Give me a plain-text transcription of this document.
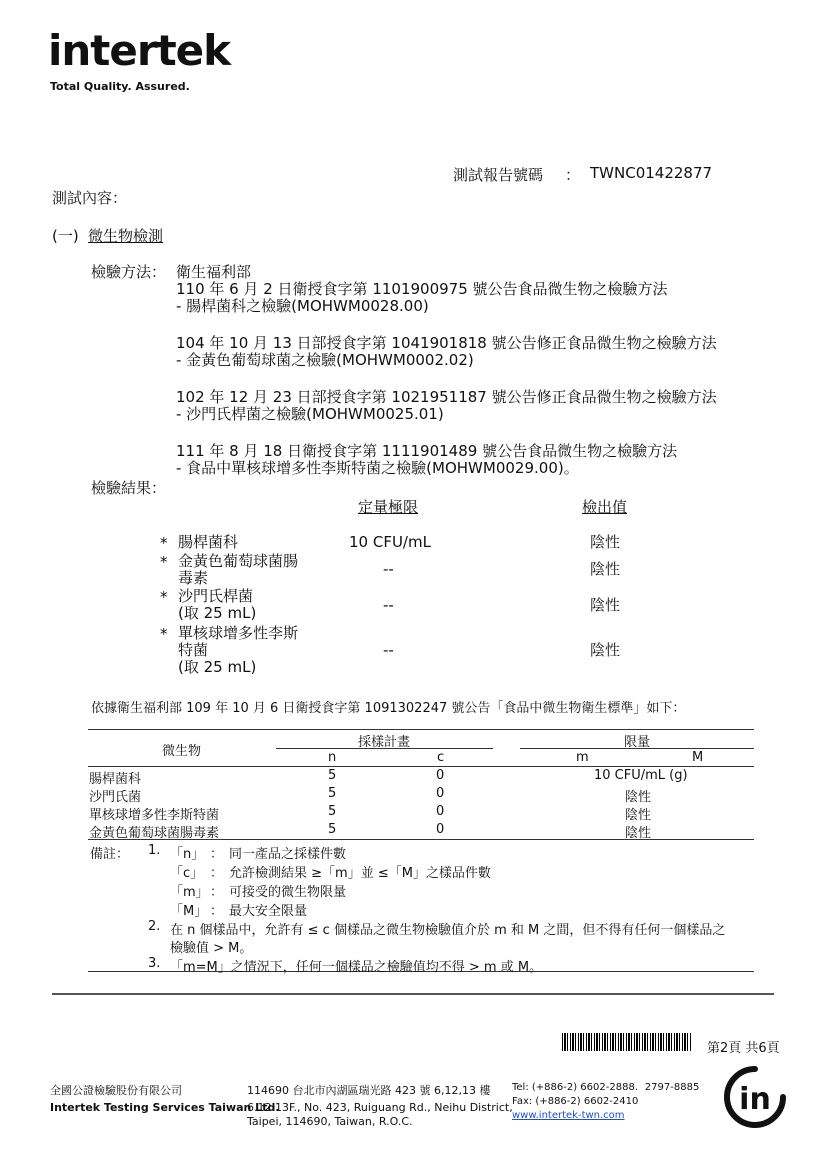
intertek
Total Quality. Assured.
測試報告號碼 ： TWNC01422877
測試內容：
(一) 微生物檢測
檢驗方法： 衛生福利部
110 年 6 月 2 日衛授食字第 1101900975 號公告食品微生物之檢驗方法
- 腸桿菌科之檢驗(MOHWM0028.00)
104 年 10 月 13 日部授食字第 1041901818 號公告修正食品微生物之檢驗方法
- 金黃色葡萄球菌之檢驗(MOHWM0002.02)
102 年 12 月 23 日部授食字第 1021951187 號公告修正食品微生物之檢驗方法
- 沙門氏桿菌之檢驗(MOHWM0025.01)
111 年 8 月 18 日衛授食字第 1111901489 號公告食品微生物之檢驗方法
- 食品中單核球增多性李斯特菌之檢驗(MOHWM0029.00)。
檢驗結果：
定量極限	檢出值
* 腸桿菌科	10 CFU/mL	陰性
* 金黃色葡萄球菌腸
毒素	--	陰性
* 沙門氏桿菌
(取 25 mL)	--	陰性
* 單核球增多性李斯
特菌
(取 25 mL)
--	陰性
依據衛生福利部 109 年 10 月 6 日衛授食字第 1091302247 號公告「食品中微生物衛生標準」如下：
微生物
採樣計畫	限量
n	c	m	M
腸桿菌科	5	0	10 CFU/mL (g)
沙門氏菌	5	0	陰性
單核球增多性李斯特菌	5	0	陰性
金黃色葡萄球菌腸毒素	5	0	陰性
備註： 1. 「n」 ： 同一產品之採樣件數
「c」 ： 允許檢測結果 ≥「m」並 ≤「M」之樣品件數
「m」 ： 可接受的微生物限量
「M」 ： 最大安全限量
2. 在 n 個樣品中，允許有 ≤ c 個樣品之微生物檢驗值介於 m 和 M 之間，但不得有任何一個樣品之
檢驗值 > M。
3. 「m=M」之情況下，任何一個樣品之檢驗值均不得 > m 或 M。
第2頁 共6頁
全國公證檢驗股份有限公司
Intertek Testing Services Taiwan Ltd.
114690 台北市內湖區瑞光路 423 號 6,12,13 樓
6.12.13F., No. 423, Ruiguang Rd., Neihu District,
Taipei, 114690, Taiwan, R.O.C.
Tel: (+886-2) 6602-2888．2797-8885
Fax: (+886-2) 6602-2410
www.intertek-twn.com	in
